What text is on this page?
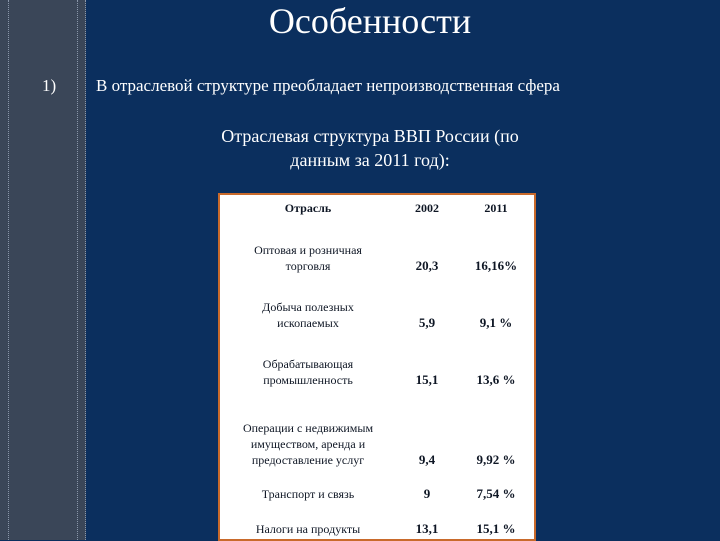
Особенности
1) В отраслевой структуре преобладает непроизводственная сфера
Отраслевая структура ВВП России (по
данным за 2011 год):
Отрасль	2002	2011

Оптовая и розничная
торговля	20,3	16,16%

Добыча полезных
ископаемых	5,9	9,1 %

Обрабатывающая
промышленность	15,1	13,6 %

Операции с недвижимым
имуществом, аренда и
предоставление услуг	9,4	9,92 %

Транспорт и связь	9	7,54 %

Налоги на продукты	13,1	15,1 %
